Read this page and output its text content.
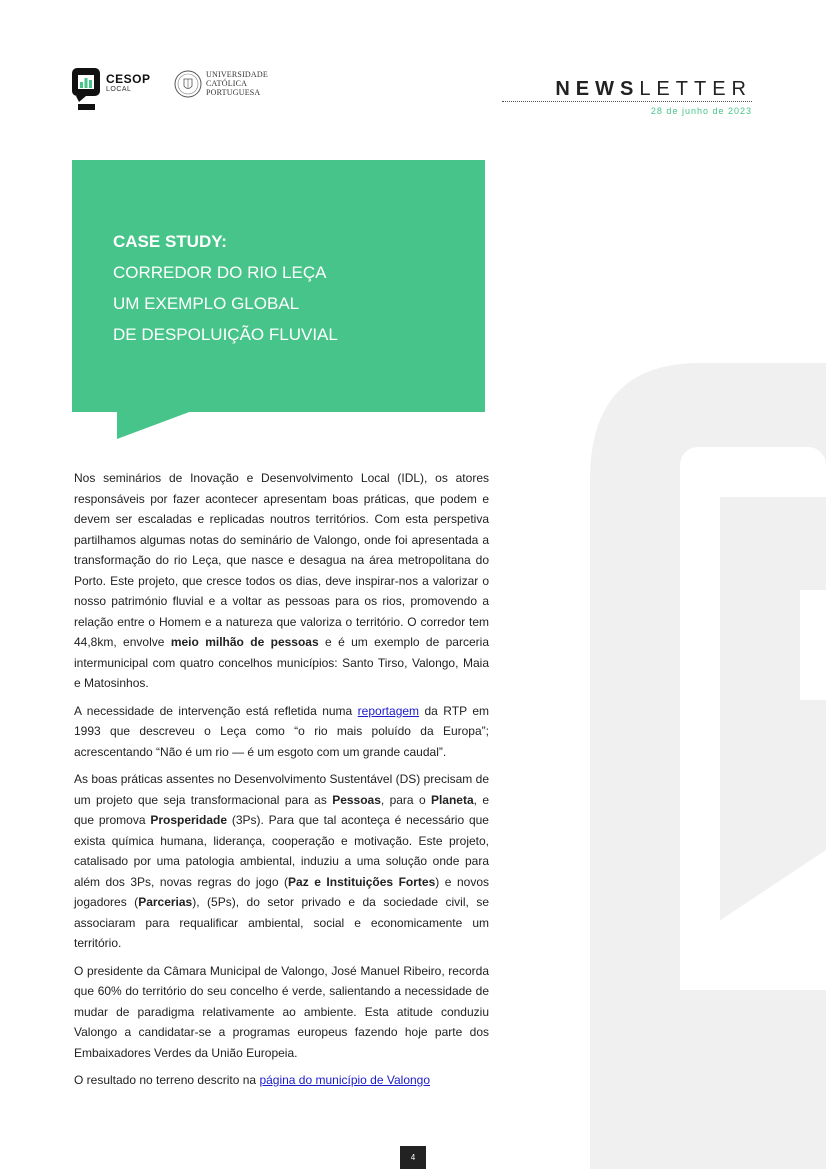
CESOP
LOCAL
UNIVERSIDADE
CATÓLICA
PORTUGUESA	NEWSLETTER
28 de junho de 2023
CASE STUDY:
CORREDOR DO RIO LEÇA
UM EXEMPLO GLOBAL
DE DESPOLUIÇÃO FLUVIAL

Nos seminários de Inovação e Desenvolvimento Local (IDL), os atores responsáveis por fazer acontecer apresentam boas práticas, que podem e devem ser escaladas e replicadas noutros territórios. Com esta perspetiva partilhamos algumas notas do seminário de Valongo, onde foi apresentada a transformação do rio Leça, que nasce e desagua na área metropolitana do Porto. Este projeto, que cresce todos os dias, deve inspirar-nos a valorizar o nosso património fluvial e a voltar as pessoas para os rios, promovendo a relação entre o Homem e a natureza que valoriza o território. O corredor tem 44,8km, envolve meio milhão de pessoas e é um exemplo de parceria intermunicipal com quatro concelhos municípios: Santo Tirso, Valongo, Maia e Matosinhos.

A necessidade de intervenção está refletida numa reportagem da RTP em 1993 que descreveu o Leça como “o rio mais poluído da Europa”; acrescentando “Não é um rio — é um esgoto com um grande caudal”.

As boas práticas assentes no Desenvolvimento Sustentável (DS) precisam de um projeto que seja transformacional para as Pessoas, para o Planeta, e que promova Prosperidade (3Ps). Para que tal aconteça é necessário que exista química humana, liderança, cooperação e motivação. Este projeto, catalisado por uma patologia ambiental, induziu a uma solução onde para além dos 3Ps, novas regras do jogo (Paz e Instituições Fortes) e novos jogadores (Parcerias), (5Ps), do setor privado e da sociedade civil, se associaram para requalificar ambiental, social e economicamente um território.

O presidente da Câmara Municipal de Valongo, José Manuel Ribeiro, recorda que 60% do território do seu concelho é verde, salientando a necessidade de mudar de paradigma relativamente ao ambiente. Esta atitude conduziu Valongo a candidatar-se a programas europeus fazendo hoje parte dos Embaixadores Verdes da União Europeia.

O resultado no terreno descrito na página do município de Valongo

4
